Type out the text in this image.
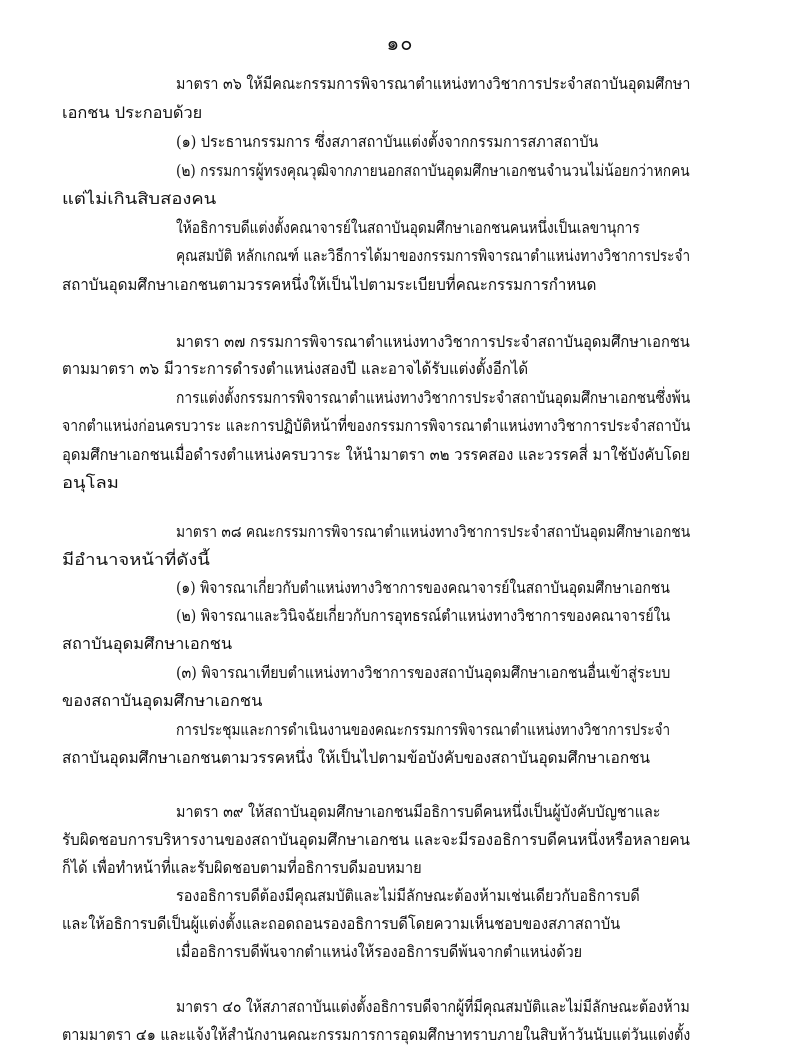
๑๐
มาตรา ๓๖ ให้มีคณะกรรมการพิจารณาตำแหน่งทางวิชาการประจำสถาบันอุดมศึกษา
เอกชน ประกอบด้วย
(๑) ประธานกรรมการ ซึ่งสภาสถาบันแต่งตั้งจากกรรมการสภาสถาบัน
(๒) กรรมการผู้ทรงคุณวุฒิจากภายนอกสถาบันอุดมศึกษาเอกชนจำนวนไม่น้อยกว่าหกคน
แต่ไม่เกินสิบสองคน
ให้อธิการบดีแต่งตั้งคณาจารย์ในสถาบันอุดมศึกษาเอกชนคนหนึ่งเป็นเลขานุการ
คุณสมบัติ หลักเกณฑ์ และวิธีการได้มาของกรรมการพิจารณาตำแหน่งทางวิชาการประจำ
สถาบันอุดมศึกษาเอกชนตามวรรคหนึ่งให้เป็นไปตามระเบียบที่คณะกรรมการกำหนด
มาตรา ๓๗ กรรมการพิจารณาตำแหน่งทางวิชาการประจำสถาบันอุดมศึกษาเอกชน
ตามมาตรา ๓๖ มีวาระการดำรงตำแหน่งสองปี และอาจได้รับแต่งตั้งอีกได้
การแต่งตั้งกรรมการพิจารณาตำแหน่งทางวิชาการประจำสถาบันอุดมศึกษาเอกชนซึ่งพ้น
จากตำแหน่งก่อนครบวาระ และการปฏิบัติหน้าที่ของกรรมการพิจารณาตำแหน่งทางวิชาการประจำสถาบัน
อุดมศึกษาเอกชนเมื่อดำรงตำแหน่งครบวาระ ให้นำมาตรา ๓๒ วรรคสอง และวรรคสี่ มาใช้บังคับโดย
อนุโลม
มาตรา ๓๘ คณะกรรมการพิจารณาตำแหน่งทางวิชาการประจำสถาบันอุดมศึกษาเอกชน
มีอำนาจหน้าที่ดังนี้
(๑) พิจารณาเกี่ยวกับตำแหน่งทางวิชาการของคณาจารย์ในสถาบันอุดมศึกษาเอกชน
(๒) พิจารณาและวินิจฉัยเกี่ยวกับการอุทธรณ์ตำแหน่งทางวิชาการของคณาจารย์ใน
สถาบันอุดมศึกษาเอกชน
(๓) พิจารณาเทียบตำแหน่งทางวิชาการของสถาบันอุดมศึกษาเอกชนอื่นเข้าสู่ระบบ
ของสถาบันอุดมศึกษาเอกชน
การประชุมและการดำเนินงานของคณะกรรมการพิจารณาตำแหน่งทางวิชาการประจำ
สถาบันอุดมศึกษาเอกชนตามวรรคหนึ่ง ให้เป็นไปตามข้อบังคับของสถาบันอุดมศึกษาเอกชน
มาตรา ๓๙ ให้สถาบันอุดมศึกษาเอกชนมีอธิการบดีคนหนึ่งเป็นผู้บังคับบัญชาและ
รับผิดชอบการบริหารงานของสถาบันอุดมศึกษาเอกชน และจะมีรองอธิการบดีคนหนึ่งหรือหลายคน
ก็ได้ เพื่อทำหน้าที่และรับผิดชอบตามที่อธิการบดีมอบหมาย
รองอธิการบดีต้องมีคุณสมบัติและไม่มีลักษณะต้องห้ามเช่นเดียวกับอธิการบดี
และให้อธิการบดีเป็นผู้แต่งตั้งและถอดถอนรองอธิการบดีโดยความเห็นชอบของสภาสถาบัน
เมื่ออธิการบดีพ้นจากตำแหน่งให้รองอธิการบดีพ้นจากตำแหน่งด้วย
มาตรา ๔๐ ให้สภาสถาบันแต่งตั้งอธิการบดีจากผู้ที่มีคุณสมบัติและไม่มีลักษณะต้องห้าม
ตามมาตรา ๔๑ และแจ้งให้สำนักงานคณะกรรมการการอุดมศึกษาทราบภายในสิบห้าวันนับแต่วันแต่งตั้ง
